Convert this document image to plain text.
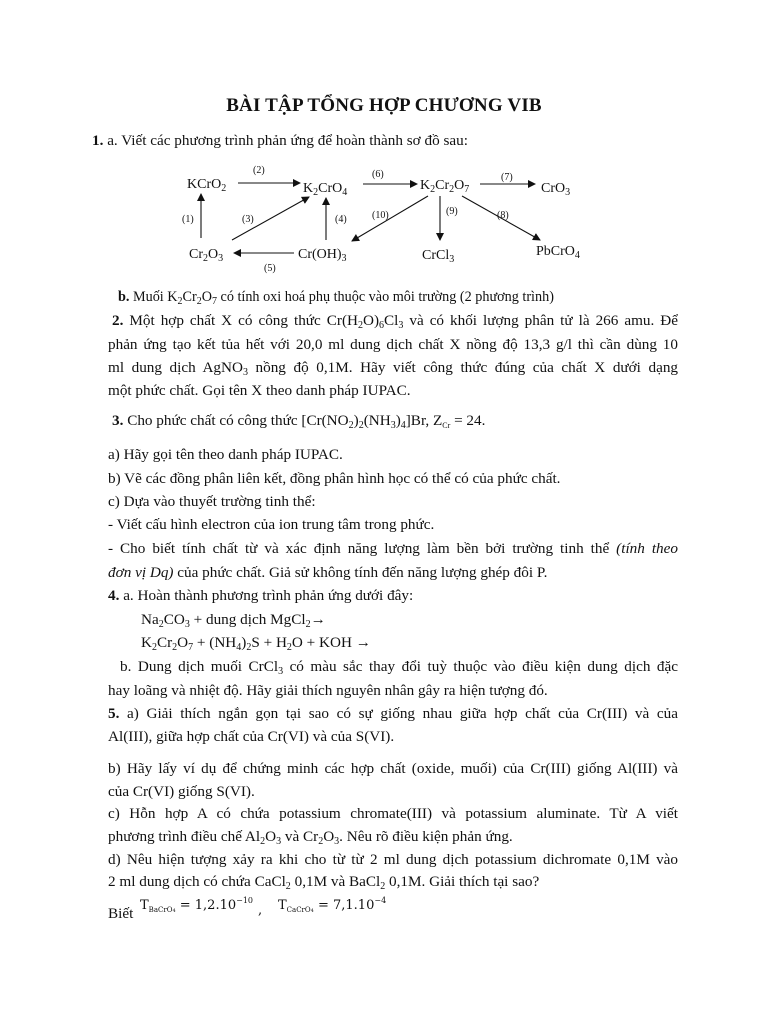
BÀI TẬP TỔNG HỢP CHƯƠNG VIB
1. a. Viết các phương trình phản ứng để hoàn thành sơ đồ sau:
KCrO2	K2CrO4	K2Cr2O7	CrO3
Cr2O3	Cr(OH)3	CrCl3
PbCrO4
(1)
(2)
(3)	(4)
(5)
(6)	(7)
(8)
(9)
(10)
b. Muối $K_2Cr_2O_7$ có tính oxi hoá phụ thuộc vào môi trường (2 phương trình)
2. Một hợp chất X có công thức $Cr(H_2O)_6Cl_3$ và có khối lượng phân tử là 266 amu. Để
phản ứng tạo kết tủa hết với 20,0 ml dung dịch chất X nồng độ 13,3 g/l thì cần dùng 10
ml dung dịch AgNO$_3$ nồng độ 0,1M. Hãy viết công thức đúng của chất X dưới dạng
một phức chất. Gọi tên X theo danh pháp IUPAC.
3. Cho phức chất có công thức $[Cr(NO_2)_2(NH_3)_4]Br$, $Z_{Cr} = 24$.
a) Hãy gọi tên theo danh pháp IUPAC.
b) Vẽ các đồng phân liên kết, đồng phân hình học có thể có của phức chất.
c) Dựa vào thuyết trường tinh thể:
- Viết cấu hình electron của ion trung tâm trong phức.
- Cho biết tính chất từ và xác định năng lượng làm bền bởi trường tinh thể (tính theo
đơn vị Dq) của phức chất. Giả sử không tính đến năng lượng ghép đôi P.
4. a. Hoàn thành phương trình phản ứng dưới đây:
$Na_2CO_3$ + dung dịch MgCl$_2$→
$K_2Cr_2O_7 + (NH_4)_2S + H_2O$ + KOH →
b. Dung dịch muối CrCl$_3$ có màu sắc thay đổi tuỳ thuộc vào điều kiện dung dịch đặc
hay loãng và nhiệt độ. Hãy giải thích nguyên nhân gây ra hiện tượng đó.
5. a) Giải thích ngắn gọn tại sao có sự giống nhau giữa hợp chất của Cr(III) và của
Al(III), giữa hợp chất của Cr(VI) và của S(VI).
b) Hãy lấy ví dụ để chứng minh các hợp chất (oxide, muối) của Cr(III) giống Al(III) và
của Cr(VI) giống S(VI).
c) Hỗn hợp A có chứa potassium chromate(III) và potassium aluminate. Từ A viết
phương trình điều chế $Al_2O_3$ và $Cr_2O_3$. Nêu rõ điều kiện phản ứng.
d) Nêu hiện tượng xảy ra khi cho từ từ 2 ml dung dịch potassium dichromate 0,1M vào
2 ml dung dịch có chứa CaCl$_2$ 0,1M và BaCl$_2$ 0,1M. Giải thích tại sao?
Biết $T_{BaCrO4} = 1,2.10^{-10}$
, $T_{CaCrO4} = 7,1.10^{-4}$
